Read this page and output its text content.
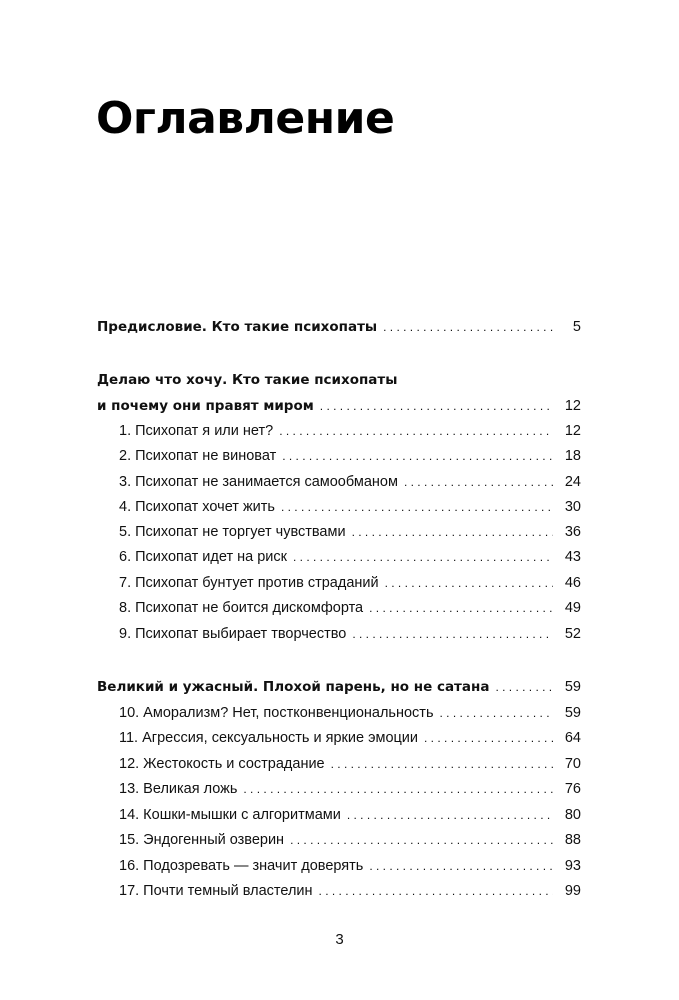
Оглавление
Предисловие. Кто такие психопаты . . .	5
Делаю что хочу. Кто такие психопаты
и почему они правят миром . . .	12
1. Психопат я или нет? . . .	12
2. Психопат не виноват . . .	18
3. Психопат не занимается самообманом . . .	24
4. Психопат хочет жить . . .	30
5. Психопат не торгует чувствами . . .	36
6. Психопат идет на риск . . .	43
7. Психопат бунтует против страданий . . .	46
8. Психопат не боится дискомфорта . . .	49
9. Психопат выбирает творчество . . .	52
Великий и ужасный. Плохой парень, но не сатана . . .	59
10. Аморализм? Нет, постконвенциональность . . .	59
11. Агрессия, сексуальность и яркие эмоции . . .	64
12. Жестокость и сострадание . . .	70
13. Великая ложь . . .	76
14. Кошки-мышки с алгоритмами . . .	80
15. Эндогенный озверин . . .	88
16. Подозревать — значит доверять . . .	93
17. Почти темный властелин . . .	99
3
